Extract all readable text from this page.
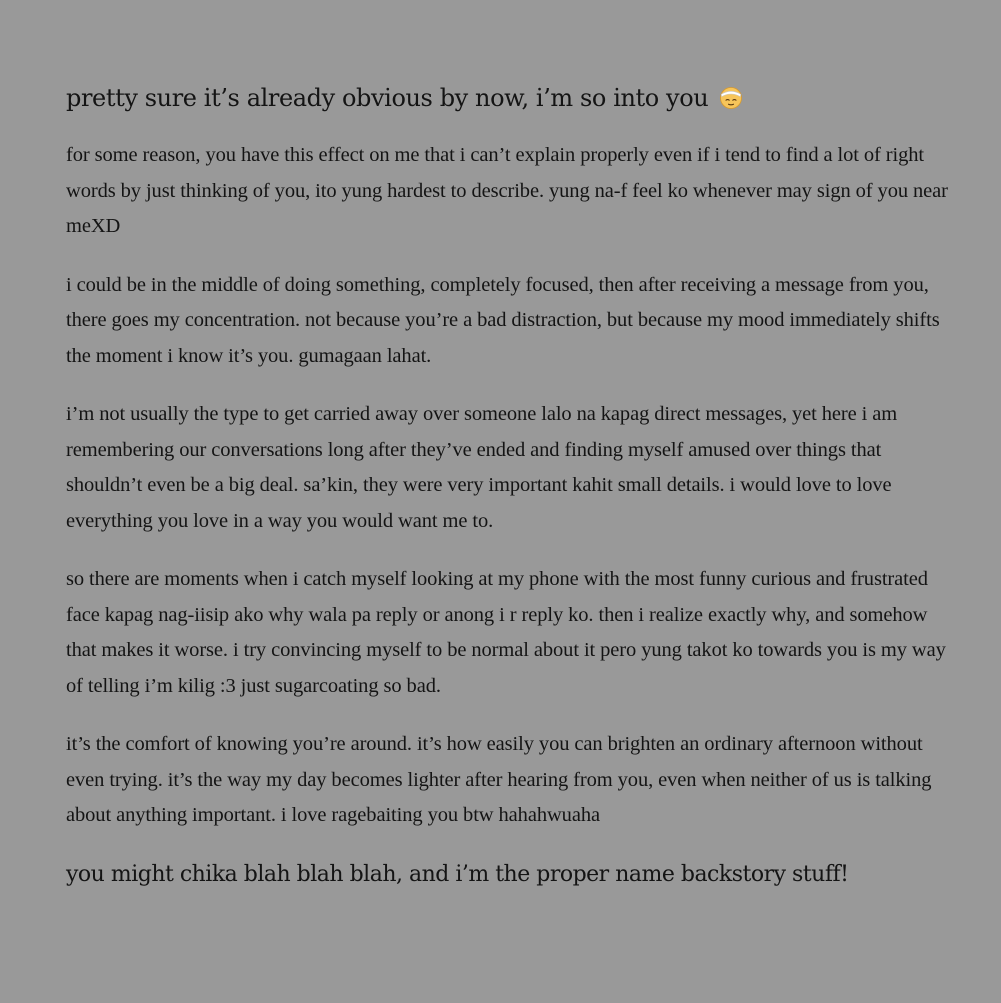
pretty sure it’s already obvious by now, i’m so into you

for some reason, you have this effect on me that i can’t explain properly even if i tend to find a lot of right words by just thinking of you, ito yung hardest to describe. yung na-f feel ko whenever may sign of you near meXD

i could be in the middle of doing something, completely focused, then after receiving a message from you, there goes my concentration. not because you’re a bad distraction, but because my mood immediately shifts the moment i know it’s you. gumagaan lahat.

i’m not usually the type to get carried away over someone lalo na kapag direct messages, yet here i am remembering our conversations long after they’ve ended and finding myself amused over things that shouldn’t even be a big deal. sa’kin, they were very important kahit small details. i would love to love everything you love in a way you would want me to.

so there are moments when i catch myself looking at my phone with the most funny curious and frustrated face kapag nag-iisip ako why wala pa reply or anong i r reply ko. then i realize exactly why, and somehow that makes it worse. i try convincing myself to be normal about it pero yung takot ko towards you is my way of telling i’m kilig :3 just sugarcoating so bad.

it’s the comfort of knowing you’re around. it’s how easily you can brighten an ordinary afternoon without even trying. it’s the way my day becomes lighter after hearing from you, even when neither of us is talking about anything important. i love ragebaiting you btw hahahwuaha

you might chika blah blah blah, and i’m the proper name backstory stuff!
